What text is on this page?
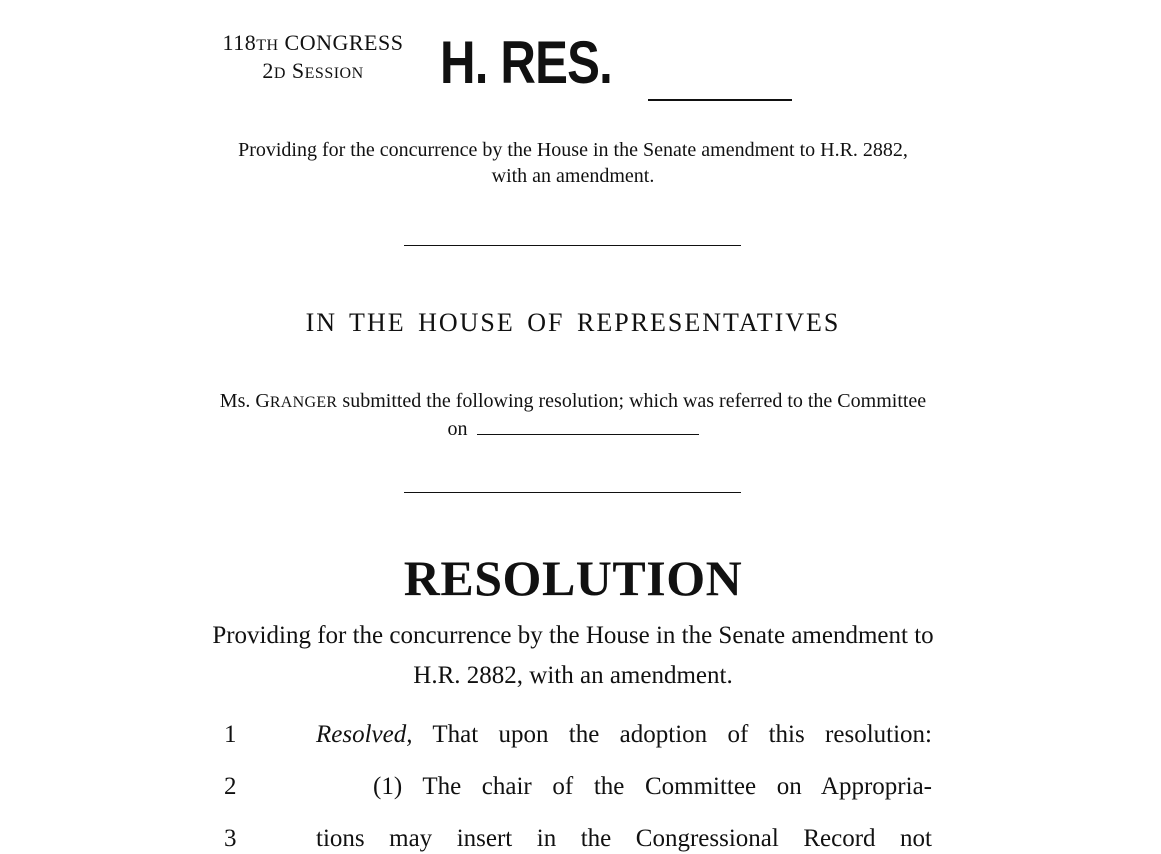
118TH CONGRESS
2D SESSION	H. RES.
Providing for the concurrence by the House in the Senate amendment to H.R. 2882, with an amendment.
IN THE HOUSE OF REPRESENTATIVES
Ms. GRANGER submitted the following resolution; which was referred to the Committee on
RESOLUTION
Providing for the concurrence by the House in the Senate amendment to H.R. 2882, with an amendment.
1	Resolved, That upon the adoption of this resolution:
2	(1) The chair of the Committee on Appropria-
3	tions may insert in the Congressional Record not
